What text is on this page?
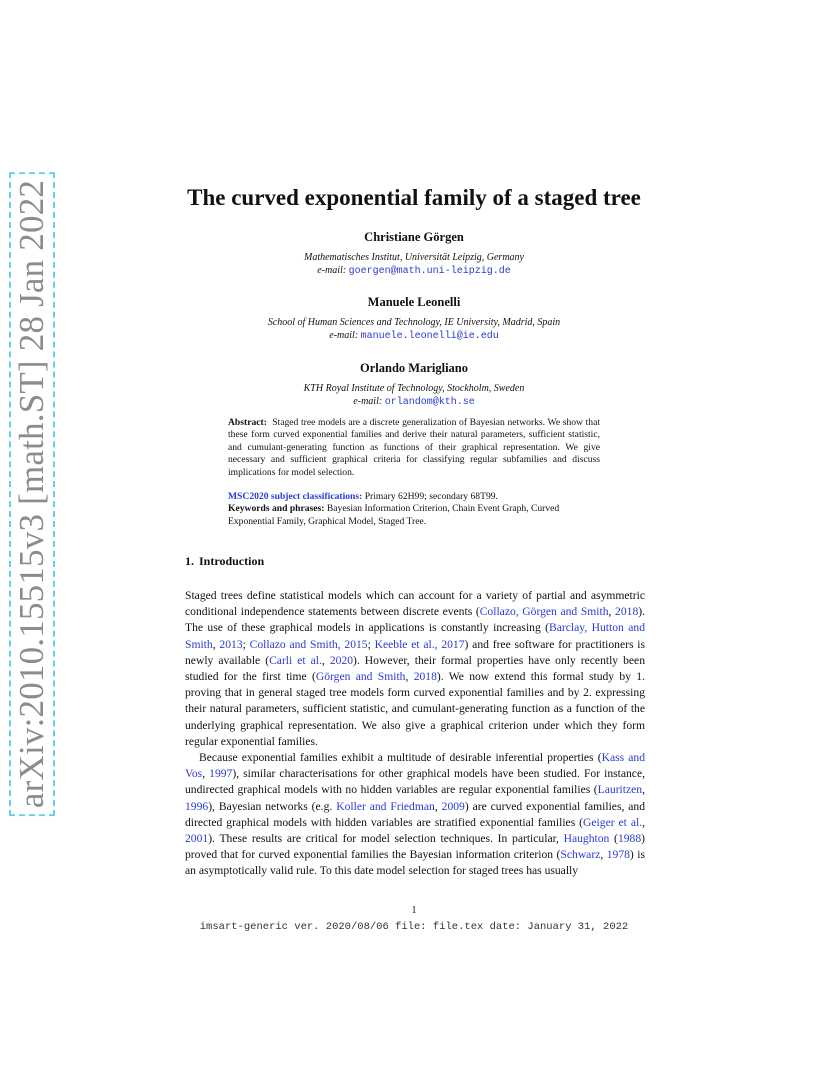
arXiv:2010.15515v3 [math.ST] 28 Jan 2022	The curved exponential family of a staged tree

Christiane Görgen

Mathematisches Institut, Universität Leipzig, Germany

e-mail: goergen@math.uni-leipzig.de

Manuele Leonelli

School of Human Sciences and Technology, IE University, Madrid, Spain

e-mail: manuele.leonelli@ie.edu

Orlando Marigliano

KTH Royal Institute of Technology, Stockholm, Sweden

e-mail: orlandom@kth.se

Abstract: Staged tree models are a discrete generalization of Bayesian networks. We show that these form curved exponential families and derive their natural parameters, sufficient statistic, and cumulant-generating function as functions of their graphical representation. We give necessary and sufficient graphical criteria for classifying regular subfamilies and discuss implications for model selection.
MSC2020 subject classifications: Primary 62H99; secondary 68T99.
Keywords and phrases: Bayesian Information Criterion, Chain Event Graph, Curved Exponential Family, Graphical Model, Staged Tree.
1. Introduction

Staged trees define statistical models which can account for a variety of partial and asymmetric conditional independence statements between discrete events (Collazo, Görgen and Smith, 2018). The use of these graphical models in applications is constantly increasing (Barclay, Hutton and Smith, 2013; Collazo and Smith, 2015; Keeble et al., 2017) and free software for practitioners is newly available (Carli et al., 2020). However, their formal properties have only recently been studied for the first time (Görgen and Smith, 2018). We now extend this formal study by 1. proving that in general staged tree models form curved exponential families and by 2. expressing their natural parameters, sufficient statistic, and cumulant-generating function as a function of the underlying graphical representation. We also give a graphical criterion under which they form regular exponential families.

Because exponential families exhibit a multitude of desirable inferential properties (Kass and Vos, 1997), similar characterisations for other graphical models have been studied. For instance, undirected graphical models with no hidden variables are regular exponential families (Lauritzen, 1996), Bayesian networks (e.g. Koller and Friedman, 2009) are curved exponential families, and directed graphical models with hidden variables are stratified exponential families (Geiger et al., 2001). These results are critical for model selection techniques. In particular, Haughton (1988) proved that for curved exponential families the Bayesian information criterion (Schwarz, 1978) is an asymptotically valid rule. To this date model selection for staged trees has usually

1
imsart-generic ver. 2020/08/06 file: file.tex date: January 31, 2022
